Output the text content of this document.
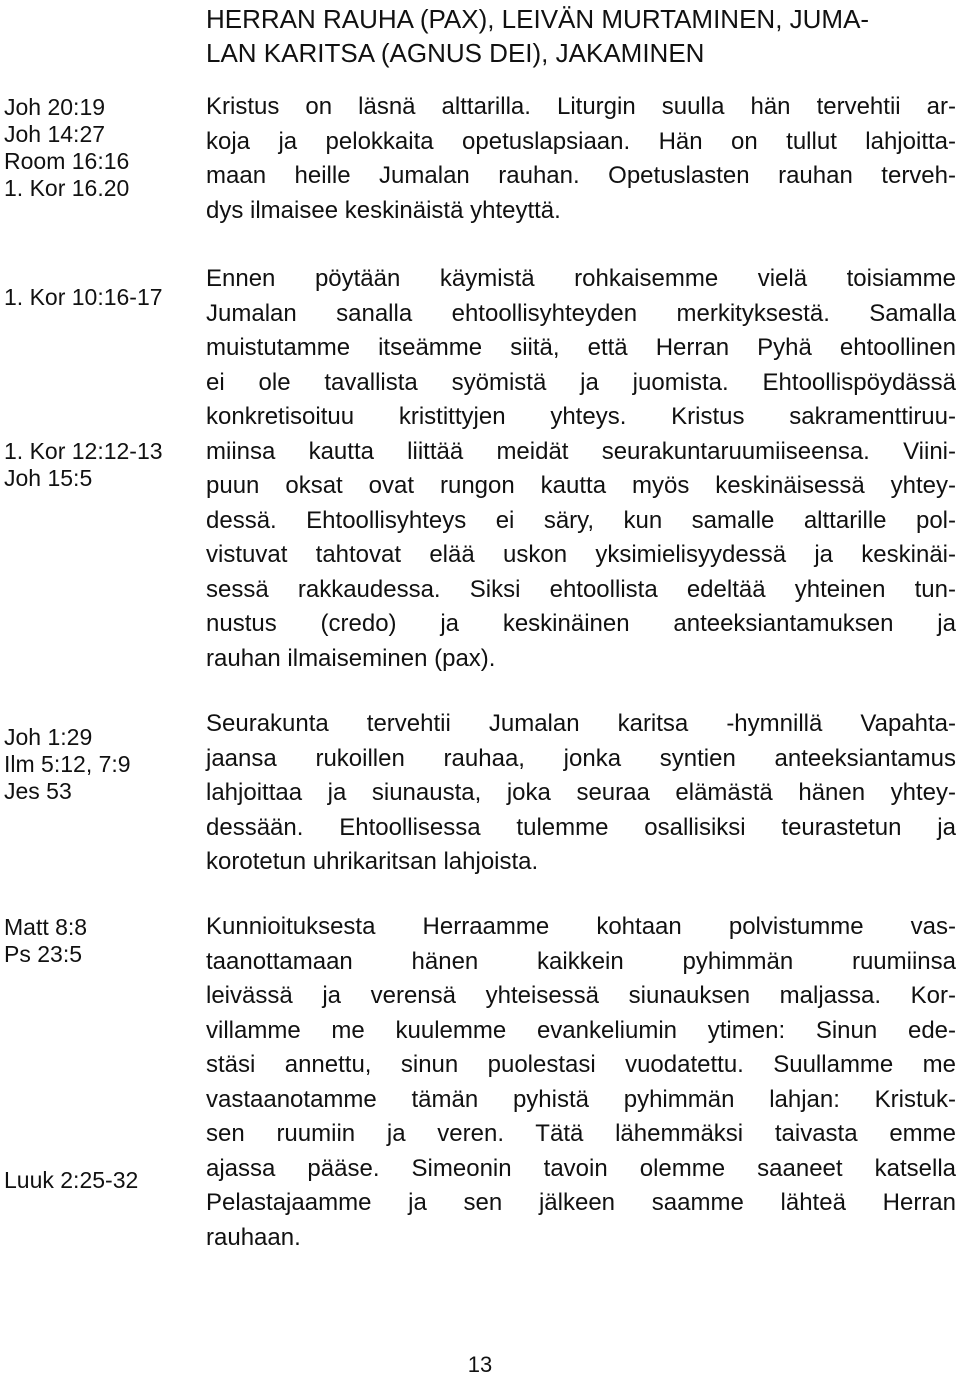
HERRAN RAUHA (PAX), LEIVÄN MURTAMINEN, JUMA-
LAN KARITSA (AGNUS DEI), JAKAMINEN
Joh 20:19
Joh 14:27
Room 16:16
1. Kor 16.20
1. Kor 10:16-17
1. Kor 12:12-13
Joh 15:5
Joh 1:29
Ilm 5:12, 7:9
Jes 53
Matt 8:8
Ps 23:5
Luuk 2:25-32
Kristus on läsnä alttarilla. Liturgin suulla hän tervehtii ar-
koja ja pelokkaita opetuslapsiaan. Hän on tullut lahjoitta-
maan heille Jumalan rauhan. Opetuslasten rauhan terveh-
dys ilmaisee keskinäistä yhteyttä.
Ennen pöytään käymistä rohkaisemme vielä toisiamme
Jumalan sanalla ehtoollisyhteyden merkityksestä. Samalla
muistutamme itseämme siitä, että Herran Pyhä ehtoollinen
ei ole tavallista syömistä ja juomista. Ehtoollispöydässä
konkretisoituu kristittyjen yhteys. Kristus sakramenttiruu-
miinsa kautta liittää meidät seurakuntaruumiiseensa. Viini-
puun oksat ovat rungon kautta myös keskinäisessä yhtey-
dessä. Ehtoollisyhteys ei säry, kun samalle alttarille pol-
vistuvat tahtovat elää uskon yksimielisyydessä ja keskinäi-
sessä rakkaudessa. Siksi ehtoollista edeltää yhteinen tun-
nustus (credo) ja keskinäinen anteeksiantamuksen ja
rauhan ilmaiseminen (pax).
Seurakunta tervehtii Jumalan karitsa -hymnillä Vapahta-
jaansa rukoillen rauhaa, jonka syntien anteeksiantamus
lahjoittaa ja siunausta, joka seuraa elämästä hänen yhtey-
dessään. Ehtoollisessa tulemme osallisiksi teurastetun ja
korotetun uhrikaritsan lahjoista.
Kunnioituksesta Herraamme kohtaan polvistumme vas-
taanottamaan hänen kaikkein pyhimmän ruumiinsa
leivässä ja verensä yhteisessä siunauksen maljassa. Kor-
villamme me kuulemme evankeliumin ytimen: Sinun ede-
stäsi annettu, sinun puolestasi vuodatettu. Suullamme me
vastaanotamme tämän pyhistä pyhimmän lahjan: Kristuk-
sen ruumiin ja veren. Tätä lähemmäksi taivasta emme
ajassa pääse. Simeonin tavoin olemme saaneet katsella
Pelastajaamme ja sen jälkeen saamme lähteä Herran
rauhaan.
13
